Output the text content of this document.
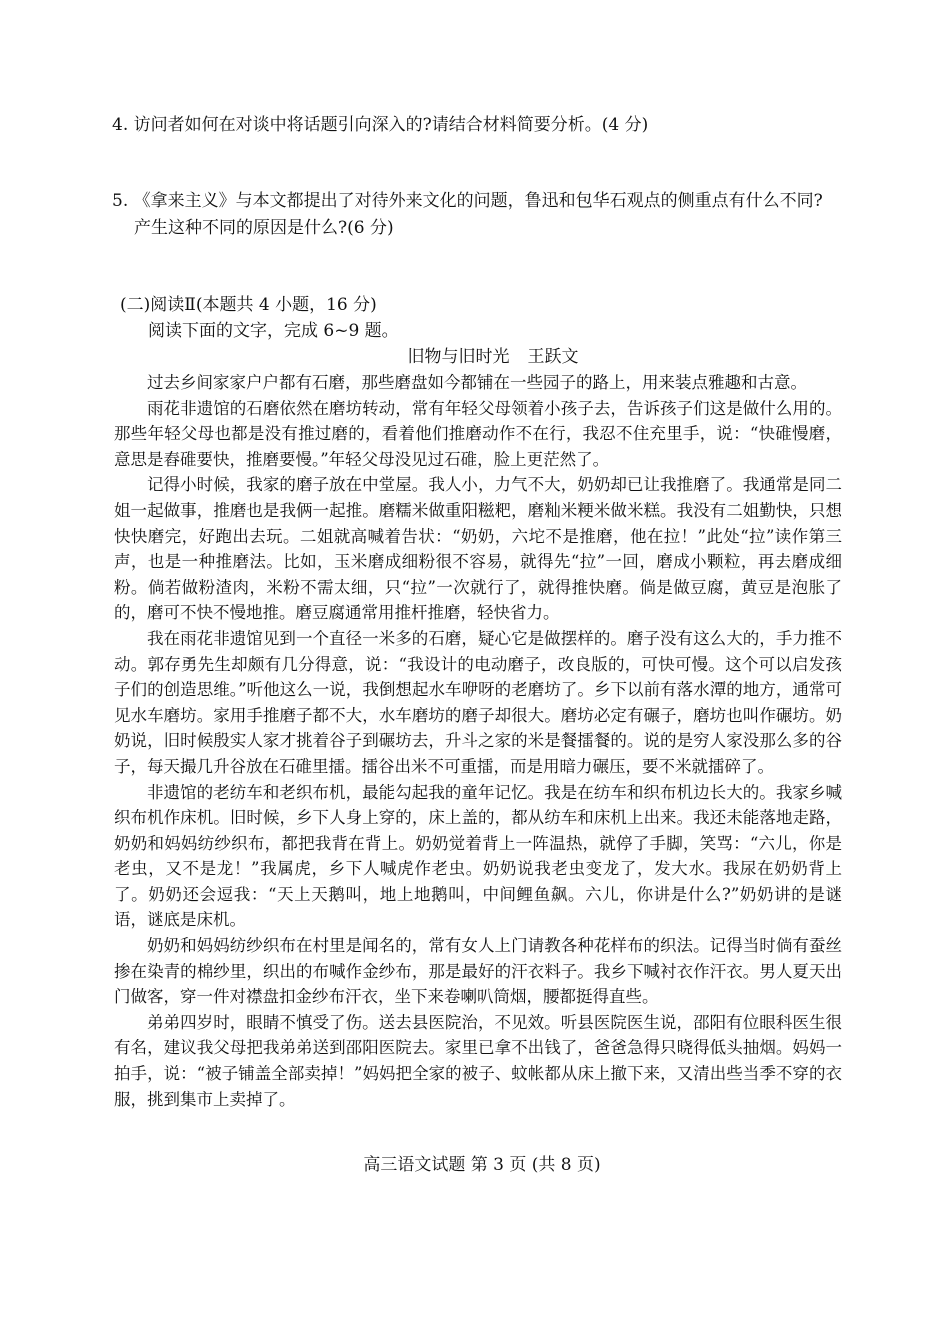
4. 访问者如何在对谈中将话题引向深入的?请结合材料简要分析。(4 分)
5. 《拿来主义》与本文都提出了对待外来文化的问题，鲁迅和包华石观点的侧重点有什么不同?
产生这种不同的原因是什么?(6 分)
(二)阅读Ⅱ(本题共 4 小题，16 分)
阅读下面的文字，完成 6~9 题。
旧物与旧时光 王跃文

过去乡间家家户户都有石磨，那些磨盘如今都铺在一些园子的路上，用来装点雅趣和古意。

雨花非遗馆的石磨依然在磨坊转动，常有年轻父母领着小孩子去，告诉孩子们这是做什么用的。那些年轻父母也都是没有推过磨的，看着他们推磨动作不在行，我忍不住充里手，说：“快碓慢磨，意思是舂碓要快，推磨要慢。”年轻父母没见过石碓，脸上更茫然了。

记得小时候，我家的磨子放在中堂屋。我人小，力气不大，奶奶却已让我推磨了。我通常是同二姐一起做事，推磨也是我俩一起推。磨糯米做重阳糍粑，磨籼米粳米做米糕。我没有二姐勤快，只想快快磨完，好跑出去玩。二姐就高喊着告状：“奶奶，六坨不是推磨，他在拉！”此处“拉”读作第三声，也是一种推磨法。比如，玉米磨成细粉很不容易，就得先“拉”一回，磨成小颗粒，再去磨成细粉。倘若做粉渣肉，米粉不需太细，只“拉”一次就行了，就得推快磨。倘是做豆腐，黄豆是泡胀了的，磨可不快不慢地推。磨豆腐通常用推杆推磨，轻快省力。

我在雨花非遗馆见到一个直径一米多的石磨，疑心它是做摆样的。磨子没有这么大的，手力推不动。郭存勇先生却颇有几分得意，说：“我设计的电动磨子，改良版的，可快可慢。这个可以启发孩子们的创造思维。”听他这么一说，我倒想起水车咿呀的老磨坊了。乡下以前有落水潭的地方，通常可见水车磨坊。家用手推磨子都不大，水车磨坊的磨子却很大。磨坊必定有碾子，磨坊也叫作碾坊。奶奶说，旧时候殷实人家才挑着谷子到碾坊去，升斗之家的米是餐擂餐的。说的是穷人家没那么多的谷子，每天撮几升谷放在石碓里擂。擂谷出米不可重擂，而是用暗力碾压，要不米就擂碎了。

非遗馆的老纺车和老织布机，最能勾起我的童年记忆。我是在纺车和织布机边长大的。我家乡喊织布机作床机。旧时候，乡下人身上穿的，床上盖的，都从纺车和床机上出来。我还未能落地走路，奶奶和妈妈纺纱织布，都把我背在背上。奶奶觉着背上一阵温热，就停了手脚，笑骂：“六儿，你是老虫，又不是龙！”我属虎，乡下人喊虎作老虫。奶奶说我老虫变龙了，发大水。我尿在奶奶背上了。奶奶还会逗我：“天上天鹅叫，地上地鹅叫，中间鲤鱼飙。六儿，你讲是什么?”奶奶讲的是谜语，谜底是床机。

奶奶和妈妈纺纱织布在村里是闻名的，常有女人上门请教各种花样布的织法。记得当时倘有蚕丝掺在染青的棉纱里，织出的布喊作金纱布，那是最好的汗衣料子。我乡下喊衬衣作汗衣。男人夏天出门做客，穿一件对襟盘扣金纱布汗衣，坐下来卷喇叭筒烟，腰都挺得直些。

弟弟四岁时，眼睛不慎受了伤。送去县医院治，不见效。听县医院医生说，邵阳有位眼科医生很有名，建议我父母把我弟弟送到邵阳医院去。家里已拿不出钱了，爸爸急得只晓得低头抽烟。妈妈一拍手，说：“被子铺盖全部卖掉！”妈妈把全家的被子、蚊帐都从床上撤下来，又清出些当季不穿的衣服，挑到集市上卖掉了。

高三语文试题 第 3 页 (共 8 页)
